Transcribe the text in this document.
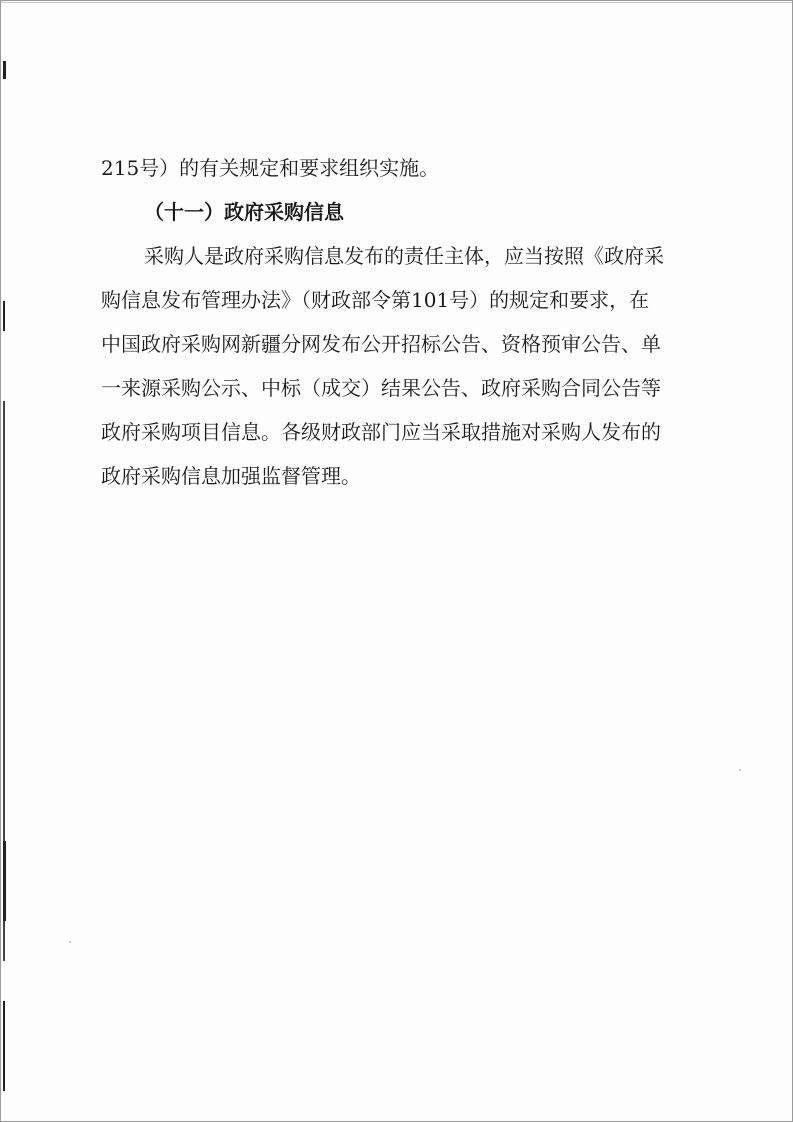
215号）的有关规定和要求组织实施。
（十一）政府采购信息
采购人是政府采购信息发布的责任主体，应当按照《政府采
购信息发布管理办法》（财政部令第101号）的规定和要求，在
中国政府采购网新疆分网发布公开招标公告、资格预审公告、单
一来源采购公示、中标（成交）结果公告、政府采购合同公告等
政府采购项目信息。各级财政部门应当采取措施对采购人发布的
政府采购信息加强监督管理。
